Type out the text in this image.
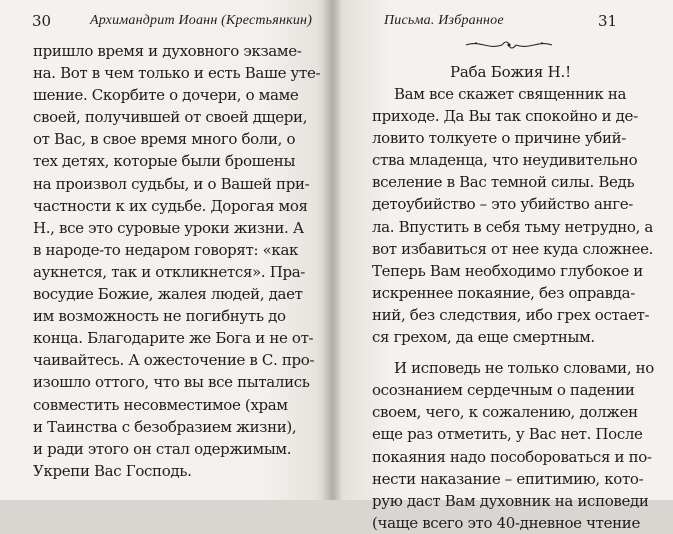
30	Архимандрит Иоанн (Крестьянкин)
пришло время и духовного экзаме-
на. Вот в чем только и есть Ваше уте-
шение. Скорбите о дочери, о маме
своей, получившей от своей дщери,
от Вас, в свое время много боли, о
тех детях, которые были брошены
на произвол судьбы, и о Вашей при-
частности к их судьбе. Дорогая моя
Н., все это суровые уроки жизни. А
в народе-то недаром говорят: «как
аукнется, так и откликнется». Пра-
восудие Божие, жалея людей, дает
им возможность не погибнуть до
конца. Благодарите же Бога и не от-
чаивайтесь. А ожесточение в С. про-
изошло оттого, что вы все пытались
совместить несовместимое (храм
и Таинства с безобразием жизни),
и ради этого он стал одержимым.
Укрепи Вас Господь.
Письма. Избранное	31
Раба Божия Н.!
Вам все скажет священник на
приходе. Да Вы так спокойно и де-
ловито толкуете о причине убий-
ства младенца, что неудивительно
вселение в Вас темной силы. Ведь
детоубийство – это убийство анге-
ла. Впустить в себя тьму нетрудно, а
вот избавиться от нее куда сложнее.
Теперь Вам необходимо глубокое и
искреннее покаяние, без оправда-
ний, без следствия, ибо грех остает-
ся грехом, да еще смертным.
И исповедь не только словами, но
осознанием сердечным о падении
своем, чего, к сожалению, должен
еще раз отметить, у Вас нет. После
покаяния надо пособороваться и по-
нести наказание – епитимию, кото-
рую даст Вам духовник на исповеди
(чаще всего это 40-дневное чтение
